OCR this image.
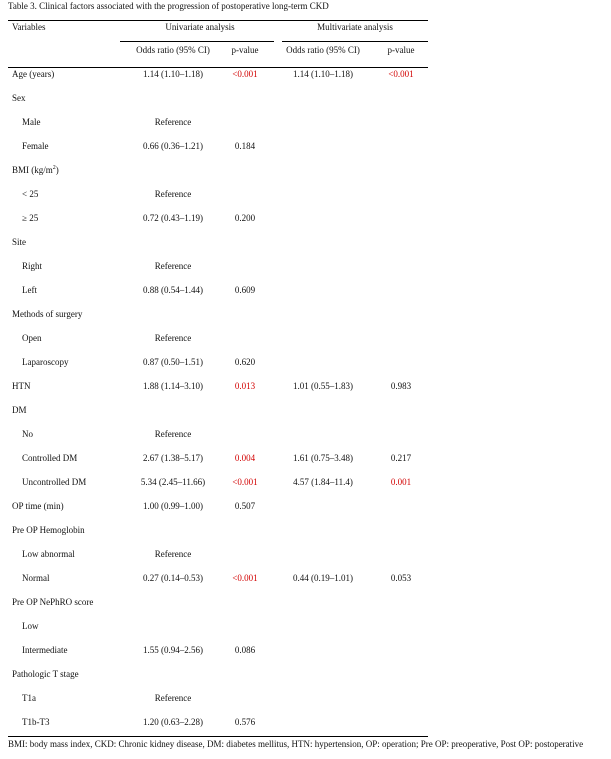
Table 3. Clinical factors associated with the progression of postoperative long-term CKD
Variables	Univariate analysis	Multivariate analysis
Odds ratio (95% CI)	p-value	Odds ratio (95% CI)	p-value
Age (years)	1.14 (1.10–1.18)	<0.001	1.14 (1.10–1.18)	<0.001
Sex
Male	Reference
Female	0.66 (0.36–1.21)	0.184
BMI $(kg/m^2)$
< 25	Reference
≥ 25	0.72 (0.43–1.19)	0.200
Site
Right	Reference
Left	0.88 (0.54–1.44)	0.609
Methods of surgery
Open	Reference
Laparoscopy	0.87 (0.50–1.51)	0.620
HTN	1.88 (1.14–3.10)	0.013	1.01 (0.55–1.83)	0.983
DM
No	Reference
Controlled DM	2.67 (1.38–5.17)	0.004	1.61 (0.75–3.48)	0.217
Uncontrolled DM	5.34 (2.45–11.66)	<0.001	4.57 (1.84–11.4)	0.001
OP time (min)	1.00 (0.99–1.00)	0.507
Pre OP Hemoglobin
Low abnormal	Reference
Normal	0.27 (0.14–0.53)	<0.001	0.44 (0.19–1.01)	0.053
Pre OP NePhRO score
Low
Intermediate	1.55 (0.94–2.56)	0.086
Pathologic T stage
T1a	Reference
T1b-T3	1.20 (0.63–2.28)	0.576
BMI: body mass index, CKD: Chronic kidney disease, DM: diabetes mellitus, HTN: hypertension, OP: operation; Pre OP: preoperative, Post OP: postoperative
